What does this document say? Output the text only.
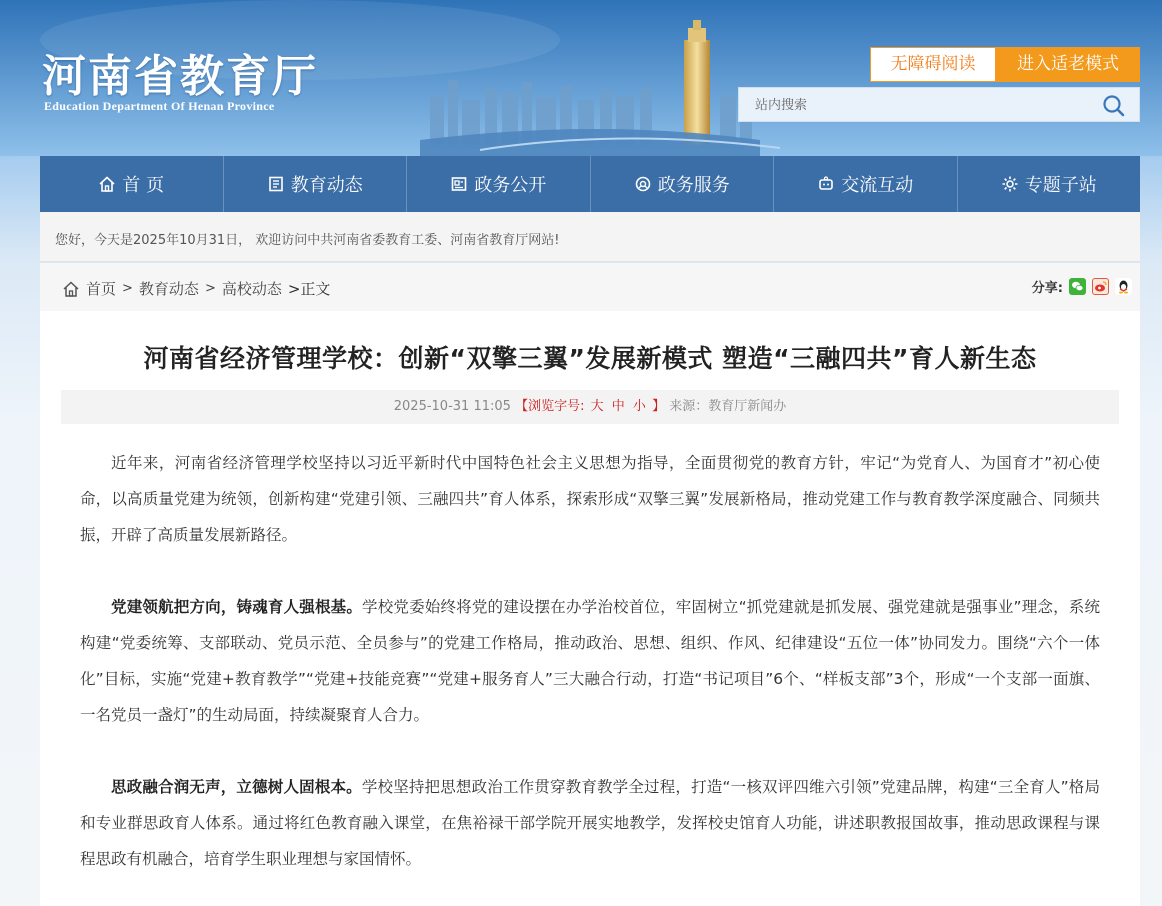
河南省教育厅
Education Department Of Henan Province
无障碍阅读	进入适老模式
站内搜索
首 页	教育动态	政务公开	政务服务	交流互动	专题子站
您好，今天是2025年10月31日， 欢迎访问中共河南省委教育工委、河南省教育厅网站!
首页 > 教育动态 > 高校动态 >正文	分享:
河南省经济管理学校：创新“双擎三翼”发展新模式 塑造“三融四共”育人新生态
2025-10-31 11:05 【浏览字号: 大 中 小 】 来源：教育厅新闻办

近年来，河南省经济管理学校坚持以习近平新时代中国特色社会主义思想为指导，全面贯彻党的教育方针，牢记“为党育人、为国育才”初心使命，以高质量党建为统领，创新构建“党建引领、三融四共”育人体系，探索形成“双擎三翼”发展新格局，推动党建工作与教育教学深度融合、同频共振，开辟了高质量发展新路径。

党建领航把方向，铸魂育人强根基。学校党委始终将党的建设摆在办学治校首位，牢固树立“抓党建就是抓发展、强党建就是强事业”理念，系统构建“党委统筹、支部联动、党员示范、全员参与”的党建工作格局，推动政治、思想、组织、作风、纪律建设“五位一体”协同发力。围绕“六个一体化”目标，实施“党建+教育教学”“党建+技能竞赛”“党建+服务育人”三大融合行动，打造“书记项目”6个、“样板支部”3个，形成“一个支部一面旗、一名党员一盏灯”的生动局面，持续凝聚育人合力。

思政融合润无声，立德树人固根本。学校坚持把思想政治工作贯穿教育教学全过程，打造“一核双评四维六引领”党建品牌，构建“三全育人”格局和专业群思政育人体系。通过将红色教育融入课堂，在焦裕禄干部学院开展实地教学，发挥校史馆育人功能，讲述职教报国故事，推动思政课程与课程思政有机融合，培育学生职业理想与家国情怀。
